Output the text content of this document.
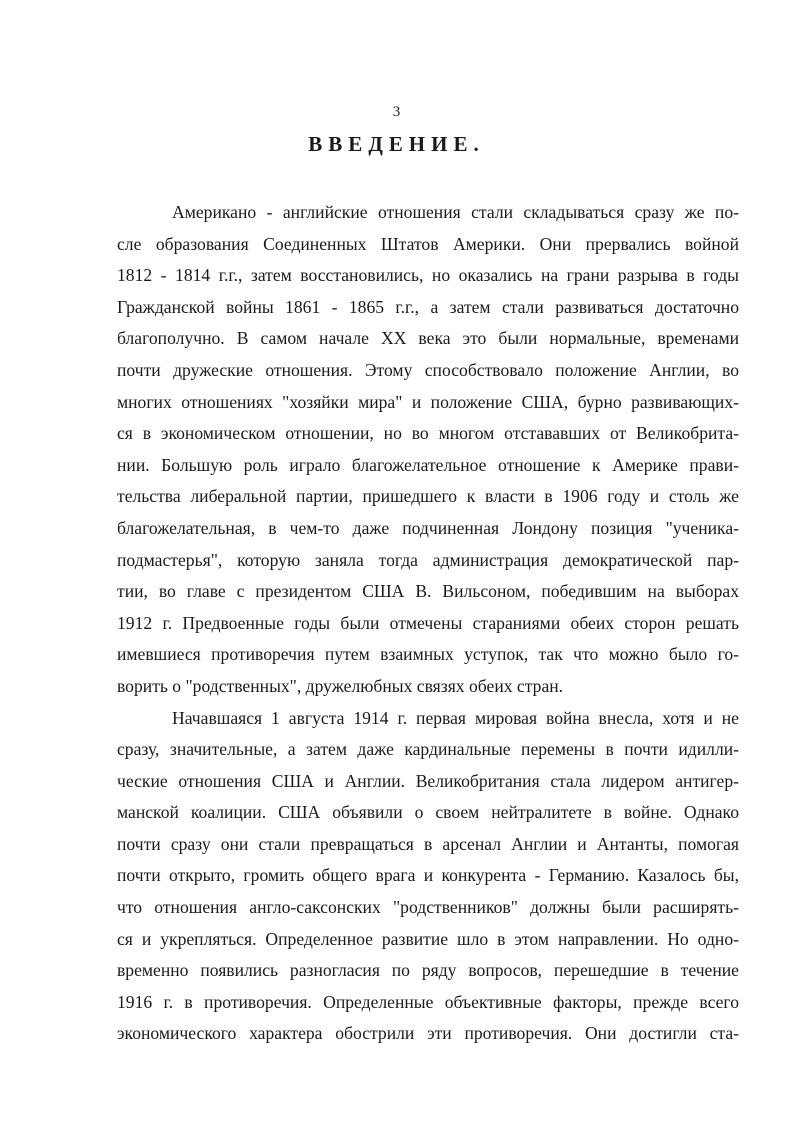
3
ВВЕДЕНИЕ.
Американо - английские отношения стали складываться сразу же по-
сле образования Соединенных Штатов Америки. Они прервались войной
1812 - 1814 г.г., затем восстановились, но оказались на грани разрыва в годы
Гражданской войны 1861 - 1865 г.г., а затем стали развиваться достаточно
благополучно. В самом начале XX века это были нормальные, временами
почти дружеские отношения. Этому способствовало положение Англии, во
многих отношениях "хозяйки мира" и положение США, бурно развивающих-
ся в экономическом отношении, но во многом отстававших от Великобрита-
нии. Большую роль играло благожелательное отношение к Америке прави-
тельства либеральной партии, пришедшего к власти в 1906 году и столь же
благожелательная, в чем-то даже подчиненная Лондону позиция "ученика-
подмастерья", которую заняла тогда администрация демократической пар-
тии, во главе с президентом США В. Вильсоном, победившим на выборах
1912 г. Предвоенные годы были отмечены стараниями обеих сторон решать
имевшиеся противоречия путем взаимных уступок, так что можно было го-
ворить о "родственных", дружелюбных связях обеих стран.
Начавшаяся 1 августа 1914 г. первая мировая война внесла, хотя и не
сразу, значительные, а затем даже кардинальные перемены в почти идилли-
ческие отношения США и Англии. Великобритания стала лидером антигер-
манской коалиции. США объявили о своем нейтралитете в войне. Однако
почти сразу они стали превращаться в арсенал Англии и Антанты, помогая
почти открыто, громить общего врага и конкурента - Германию. Казалось бы,
что отношения англо-саксонских "родственников" должны были расширять-
ся и укрепляться. Определенное развитие шло в этом направлении. Но одно-
временно появились разногласия по ряду вопросов, перешедшие в течение
1916 г. в противоречия. Определенные объективные факторы, прежде всего
экономического характера обострили эти противоречия. Они достигли ста-
